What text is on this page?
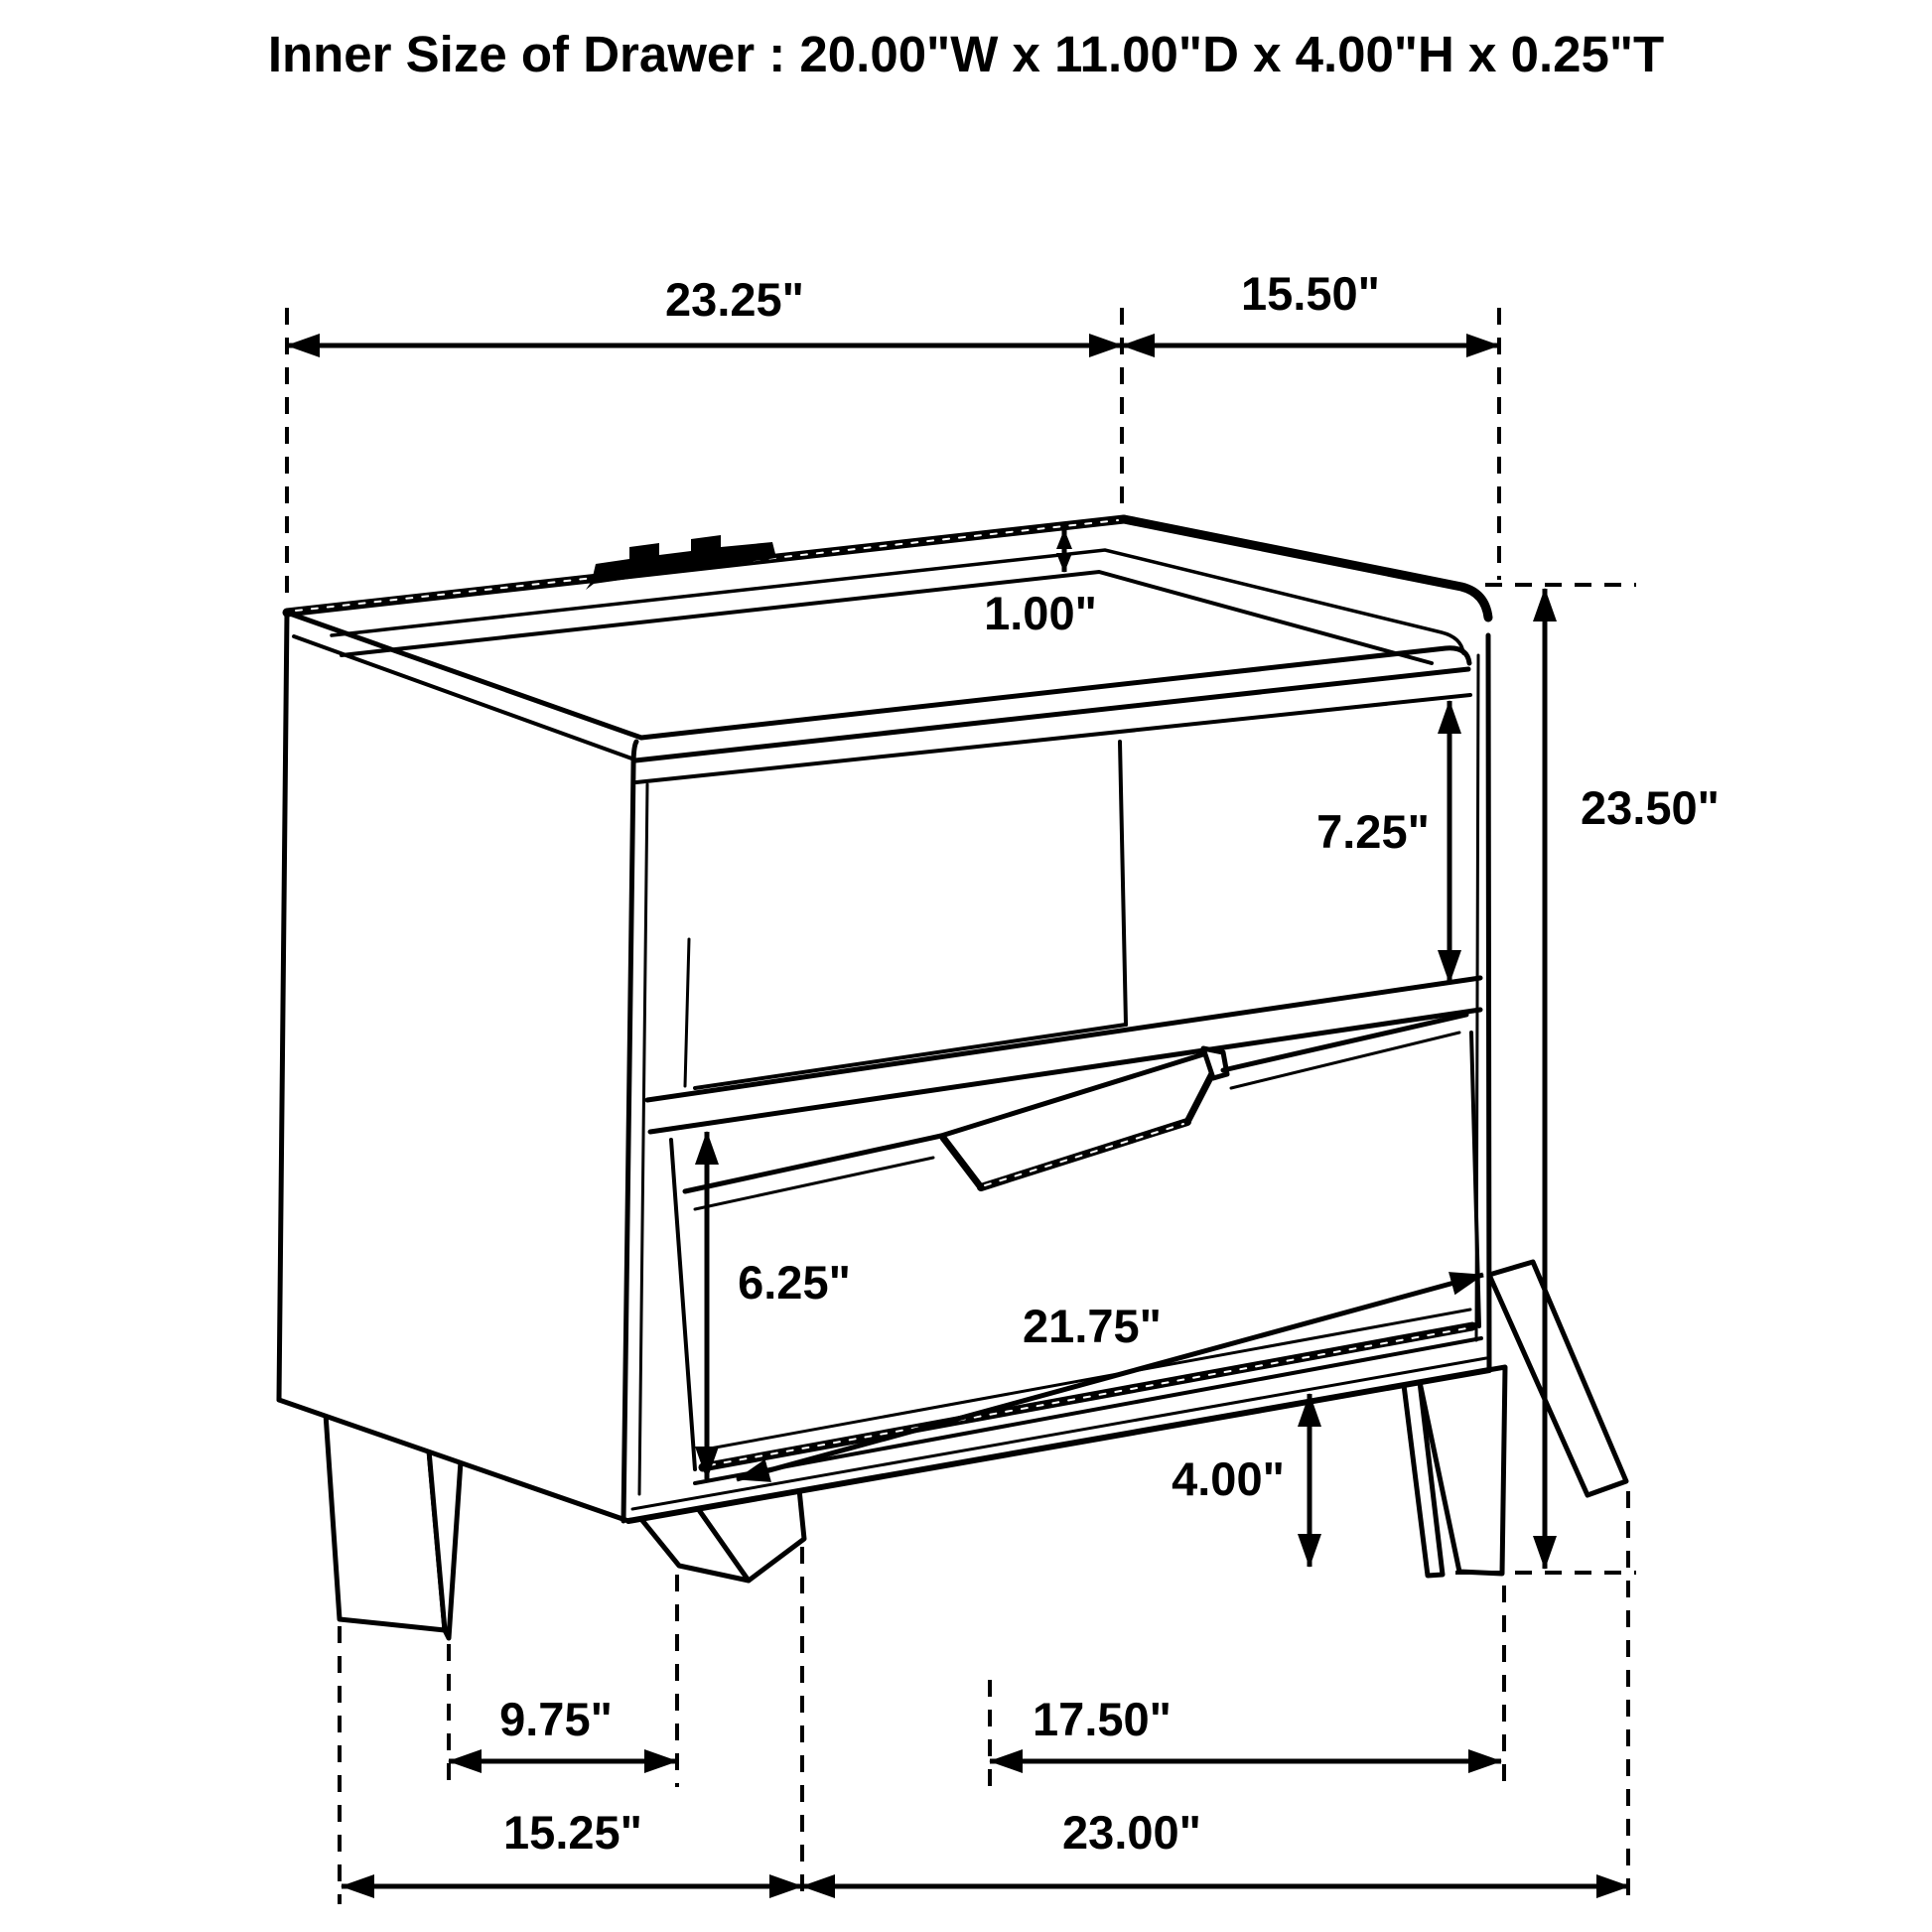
Inner Size of Drawer : 20.00"W x 11.00"D x 4.00"H x 0.25"T
23.25"	15.50"
1.00"
7.25"	23.50"
6.25"
21.75"
4.00"
9.75"	17.50"
15.25"	23.00"
